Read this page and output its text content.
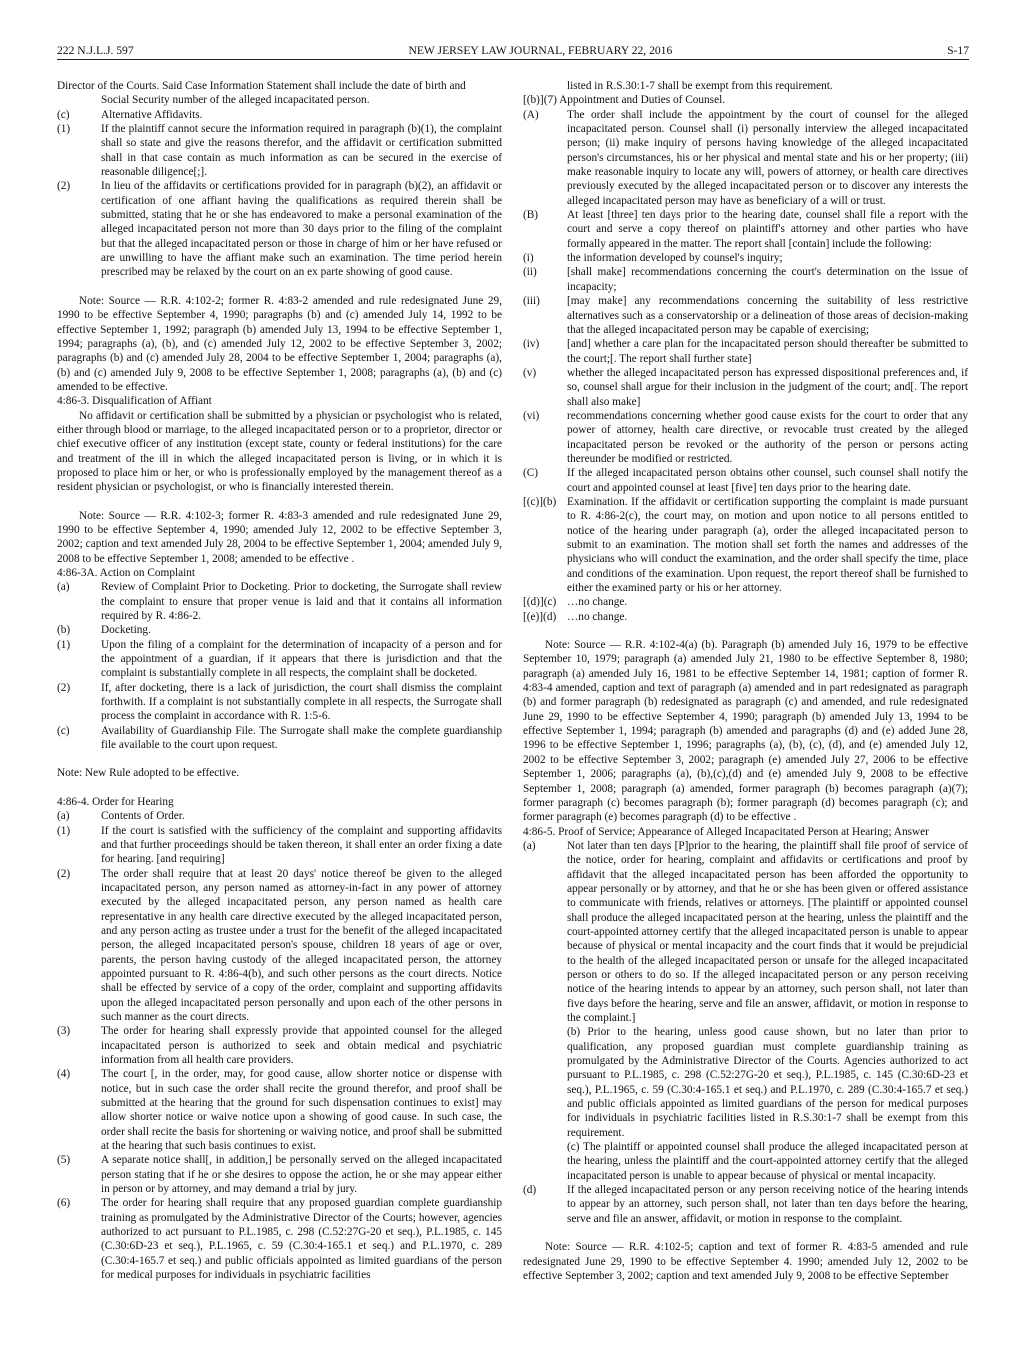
222 N.J.L.J. 597	NEW JERSEY LAW JOURNAL, FEBRUARY 22, 2016	S-17

Director of the Courts. Said Case Information Statement shall include the date of birth and

Social Security number of the alleged incapacitated person.

(c)	Alternative Affidavits.
(1)	If the plaintiff cannot secure the information required in paragraph (b)(1), the complaint shall so state and give the reasons therefor, and the affidavit or certification submitted shall in that case contain as much information as can be secured in the exercise of reasonable diligence[;].
(2)	In lieu of the affidavits or certifications provided for in paragraph (b)(2), an affidavit or certification of one affiant having the qualifications as required therein shall be submitted, stating that he or she has endeavored to make a personal examination of the alleged incapacitated person not more than 30 days prior to the filing of the complaint but that the alleged incapacitated person or those in charge of him or her have refused or are unwilling to have the affiant make such an examination. The time period herein prescribed may be relaxed by the court on an ex parte showing of good cause.

Note: Source — R.R. 4:102-2; former R. 4:83-2 amended and rule redesignated June 29, 1990 to be effective September 4, 1990; paragraphs (b) and (c) amended July 14, 1992 to be effective September 1, 1992; paragraph (b) amended July 13, 1994 to be effective September 1, 1994; paragraphs (a), (b), and (c) amended July 12, 2002 to be effective September 3, 2002; paragraphs (b) and (c) amended July 28, 2004 to be effective September 1, 2004; paragraphs (a), (b) and (c) amended July 9, 2008 to be effective September 1, 2008; paragraphs (a), (b) and (c) amended to be effective.

4:86-3. Disqualification of Affiant

No affidavit or certification shall be submitted by a physician or psychologist who is related, either through blood or marriage, to the alleged incapacitated person or to a proprietor, director or chief executive officer of any institution (except state, county or federal institutions) for the care and treatment of the ill in which the alleged incapacitated person is living, or in which it is proposed to place him or her, or who is professionally employed by the management thereof as a resident physician or psychologist, or who is financially interested therein.

Note: Source — R.R. 4:102-3; former R. 4:83-3 amended and rule redesignated June 29, 1990 to be effective September 4, 1990; amended July 12, 2002 to be effective September 3, 2002; caption and text amended July 28, 2004 to be effective September 1, 2004; amended July 9, 2008 to be effective September 1, 2008; amended to be effective .

4:86-3A. Action on Complaint

(a)	Review of Complaint Prior to Docketing. Prior to docketing, the Surrogate shall review the complaint to ensure that proper venue is laid and that it contains all information required by R. 4:86-2.
(b)	Docketing.
(1)	Upon the filing of a complaint for the determination of incapacity of a person and for the appointment of a guardian, if it appears that there is jurisdiction and that the complaint is substantially complete in all respects, the complaint shall be docketed.
(2)	If, after docketing, there is a lack of jurisdiction, the court shall dismiss the complaint forthwith. If a complaint is not substantially complete in all respects, the Surrogate shall process the complaint in accordance with R. 1:5-6.
(c)	Availability of Guardianship File. The Surrogate shall make the complete guardianship file available to the court upon request.

Note: New Rule adopted to be effective.

4:86-4. Order for Hearing

(a)	Contents of Order.
(1)	If the court is satisfied with the sufficiency of the complaint and supporting affidavits and that further proceedings should be taken thereon, it shall enter an order fixing a date for hearing. [and requiring]
(2)	The order shall require that at least 20 days' notice thereof be given to the alleged incapacitated person, any person named as attorney-in-fact in any power of attorney executed by the alleged incapacitated person, any person named as health care representative in any health care directive executed by the alleged incapacitated person, and any person acting as trustee under a trust for the benefit of the alleged incapacitated person, the alleged incapacitated person's spouse, children 18 years of age or over, parents, the person having custody of the alleged incapacitated person, the attorney appointed pursuant to R. 4:86-4(b), and such other persons as the court directs. Notice shall be effected by service of a copy of the order, complaint and supporting affidavits upon the alleged incapacitated person personally and upon each of the other persons in such manner as the court directs.
(3)	The order for hearing shall expressly provide that appointed counsel for the alleged incapacitated person is authorized to seek and obtain medical and psychiatric information from all health care providers.
(4)	The court [, in the order, may, for good cause, allow shorter notice or dispense with notice, but in such case the order shall recite the ground therefor, and proof shall be submitted at the hearing that the ground for such dispensation continues to exist] may allow shorter notice or waive notice upon a showing of good cause. In such case, the order shall recite the basis for shortening or waiving notice, and proof shall be submitted at the hearing that such basis continues to exist.
(5)	A separate notice shall[, in addition,] be personally served on the alleged incapacitated person stating that if he or she desires to oppose the action, he or she may appear either in person or by attorney, and may demand a trial by jury.
(6)	The order for hearing shall require that any proposed guardian complete guardianship training as promulgated by the Administrative Director of the Courts; however, agencies authorized to act pursuant to P.L.1985, c. 298 (C.52:27G-20 et seq.), P.L.1985, c. 145 (C.30:6D-23 et seq.), P.L.1965, c. 59 (C.30:4-165.1 et seq.) and P.L.1970, c. 289 (C.30:4-165.7 et seq.) and public officials appointed as limited guardians of the person for medical purposes for individuals in psychiatric facilities

listed in R.S.30:1-7 shall be exempt from this requirement.

[(b)](7) Appointment and Duties of Counsel.

(A)	The order shall include the appointment by the court of counsel for the alleged incapacitated person. Counsel shall (i) personally interview the alleged incapacitated person; (ii) make inquiry of persons having knowledge of the alleged incapacitated person's circumstances, his or her physical and mental state and his or her property; (iii) make reasonable inquiry to locate any will, powers of attorney, or health care directives previously executed by the alleged incapacitated person or to discover any interests the alleged incapacitated person may have as beneficiary of a will or trust.
(B)	At least [three] ten days prior to the hearing date, counsel shall file a report with the court and serve a copy thereof on plaintiff's attorney and other parties who have formally appeared in the matter. The report shall [contain] include the following:
(i)	the information developed by counsel's inquiry;
(ii)	[shall make] recommendations concerning the court's determination on the issue of incapacity;
(iii)	[may make] any recommendations concerning the suitability of less restrictive alternatives such as a conservatorship or a delineation of those areas of decision-making that the alleged incapacitated person may be capable of exercising;
(iv)	[and] whether a care plan for the incapacitated person should thereafter be submitted to the court;[. The report shall further state]
(v)	whether the alleged incapacitated person has expressed dispositional preferences and, if so, counsel shall argue for their inclusion in the judgment of the court; and[. The report shall also make]
(vi)	recommendations concerning whether good cause exists for the court to order that any power of attorney, health care directive, or revocable trust created by the alleged incapacitated person be revoked or the authority of the person or persons acting thereunder be modified or restricted.
(C)	If the alleged incapacitated person obtains other counsel, such counsel shall notify the court and appointed counsel at least [five] ten days prior to the hearing date.
[(c)](b) Examination. If the affidavit or certification supporting the complaint is made pursuant to R. 4:86-2(c), the court may, on motion and upon notice to all persons entitled to notice of the hearing under paragraph (a), order the alleged incapacitated person to submit to an examination. The motion shall set forth the names and addresses of the physicians who will conduct the examination, and the order shall specify the time, place and conditions of the examination. Upon request, the report thereof shall be furnished to either the examined party or his or her attorney.
[(d)](c) …no change.
[(e)](d) …no change.

Note: Source — R.R. 4:102-4(a) (b). Paragraph (b) amended July 16, 1979 to be effective September 10, 1979; paragraph (a) amended July 21, 1980 to be effective September 8, 1980; paragraph (a) amended July 16, 1981 to be effective September 14, 1981; caption of former R. 4:83-4 amended, caption and text of paragraph (a) amended and in part redesignated as paragraph (b) and former paragraph (b) redesignated as paragraph (c) and amended, and rule redesignated June 29, 1990 to be effective September 4, 1990; paragraph (b) amended July 13, 1994 to be effective September 1, 1994; paragraph (b) amended and paragraphs (d) and (e) added June 28, 1996 to be effective September 1, 1996; paragraphs (a), (b), (c), (d), and (e) amended July 12, 2002 to be effective September 3, 2002; paragraph (e) amended July 27, 2006 to be effective September 1, 2006; paragraphs (a), (b),(c),(d) and (e) amended July 9, 2008 to be effective September 1, 2008; paragraph (a) amended, former paragraph (b) becomes paragraph (a)(7); former paragraph (c) becomes paragraph (b); former paragraph (d) becomes paragraph (c); and former paragraph (e) becomes paragraph (d) to be effective .

4:86-5. Proof of Service; Appearance of Alleged Incapacitated Person at Hearing; Answer

(a)	Not later than ten days [P]prior to the hearing, the plaintiff shall file proof of service of the notice, order for hearing, complaint and affidavits or certifications and proof by affidavit that the alleged incapacitated person has been afforded the opportunity to appear personally or by attorney, and that he or she has been given or offered assistance to communicate with friends, relatives or attorneys. [The plaintiff or appointed counsel shall produce the alleged incapacitated person at the hearing, unless the plaintiff and the court-appointed attorney certify that the alleged incapacitated person is unable to appear because of physical or mental incapacity and the court finds that it would be prejudicial to the health of the alleged incapacitated person or unsafe for the alleged incapacitated person or others to do so. If the alleged incapacitated person or any person receiving notice of the hearing intends to appear by an attorney, such person shall, not later than five days before the hearing, serve and file an answer, affidavit, or motion in response to the complaint.]

(b) Prior to the hearing, unless good cause shown, but no later than prior to qualification, any proposed guardian must complete guardianship training as promulgated by the Administrative Director of the Courts. Agencies authorized to act pursuant to P.L.1985, c. 298 (C.52:27G-20 et seq.), P.L.1985, c. 145 (C.30:6D-23 et seq.), P.L.1965, c. 59 (C.30:4-165.1 et seq.) and P.L.1970, c. 289 (C.30:4-165.7 et seq.) and public officials appointed as limited guardians of the person for medical purposes for individuals in psychiatric facilities listed in R.S.30:1-7 shall be exempt from this requirement.

(c) The plaintiff or appointed counsel shall produce the alleged incapacitated person at the hearing, unless the plaintiff and the court-appointed attorney certify that the alleged incapacitated person is unable to appear because of physical or mental incapacity.

(d)	If the alleged incapacitated person or any person receiving notice of the hearing intends to appear by an attorney, such person shall, not later than ten days before the hearing, serve and file an answer, affidavit, or motion in response to the complaint.

Note: Source — R.R. 4:102-5; caption and text of former R. 4:83-5 amended and rule redesignated June 29, 1990 to be effective September 4. 1990; amended July 12, 2002 to be effective September 3, 2002; caption and text amended July 9, 2008 to be effective September
